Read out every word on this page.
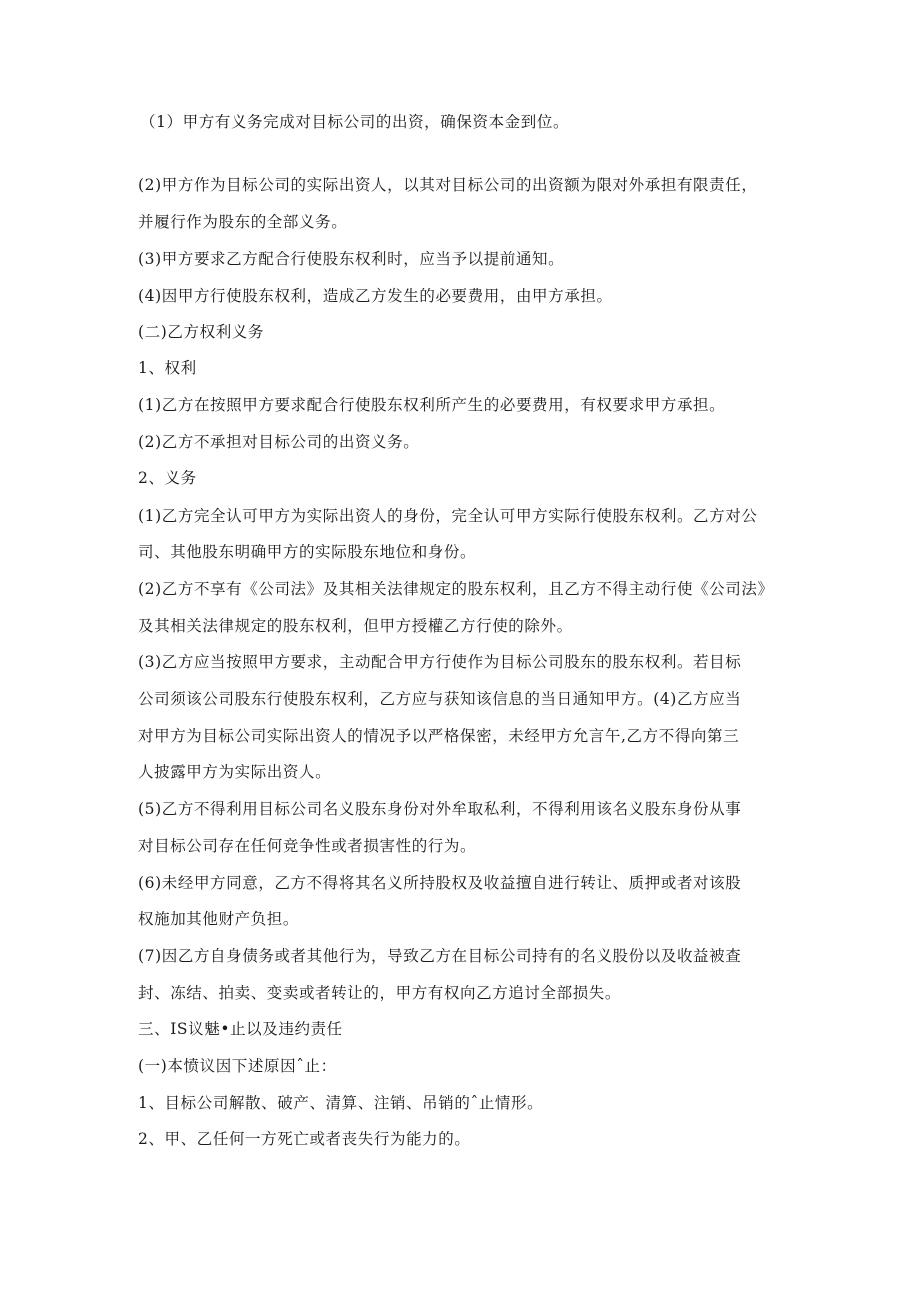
（1）甲方有义务完成对目标公司的出资，确保资本金到位。
(2)甲方作为目标公司的实际出资人，以其对目标公司的出资额为限对外承担有限责任，
并履行作为股东的全部义务。
(3)甲方要求乙方配合行使股东权利时，应当予以提前通知。
(4)因甲方行使股东权利，造成乙方发生的必要费用，由甲方承担。
(二)乙方权利义务
1、权利
(1)乙方在按照甲方要求配合行使股东权利所产生的必要费用，有权要求甲方承担。
(2)乙方不承担对目标公司的出资义务。
2、义务
(1)乙方完全认可甲方为实际出资人的身份，完全认可甲方实际行使股东权利。乙方对公
司、其他股东明确甲方的实际股东地位和身份。
(2)乙方不享有《公司法》及其相关法律规定的股东权利，且乙方不得主动行使《公司法》
及其相关法律规定的股东权利，但甲方授權乙方行使的除外。
(3)乙方应当按照甲方要求，主动配合甲方行使作为目标公司股东的股东权利。若目标
公司须该公司股东行使股东权利，乙方应与获知该信息的当日通知甲方。(4)乙方应当
对甲方为目标公司实际出资人的情况予以严格保密，未经甲方允言午,乙方不得向第三
人披露甲方为实际出资人。
(5)乙方不得利用目标公司名义股东身份对外牟取私利，不得利用该名义股东身份从事
对目标公司存在任何竞争性或者损害性的行为。
(6)未经甲方同意，乙方不得将其名义所持股权及收益擅自进行转让、质押或者对该股
权施加其他财产负担。
(7)因乙方自身债务或者其他行为，导致乙方在目标公司持有的名义股份以及收益被查
封、冻结、拍卖、变卖或者转让的，甲方有权向乙方追讨全部损失。
三、IS议魅•止以及违约责任
(一)本愤议因下述原因ˆ止：
1、目标公司解散、破产、清算、注销、吊销的ˆ止情形。
2、甲、乙任何一方死亡或者丧失行为能力的。
